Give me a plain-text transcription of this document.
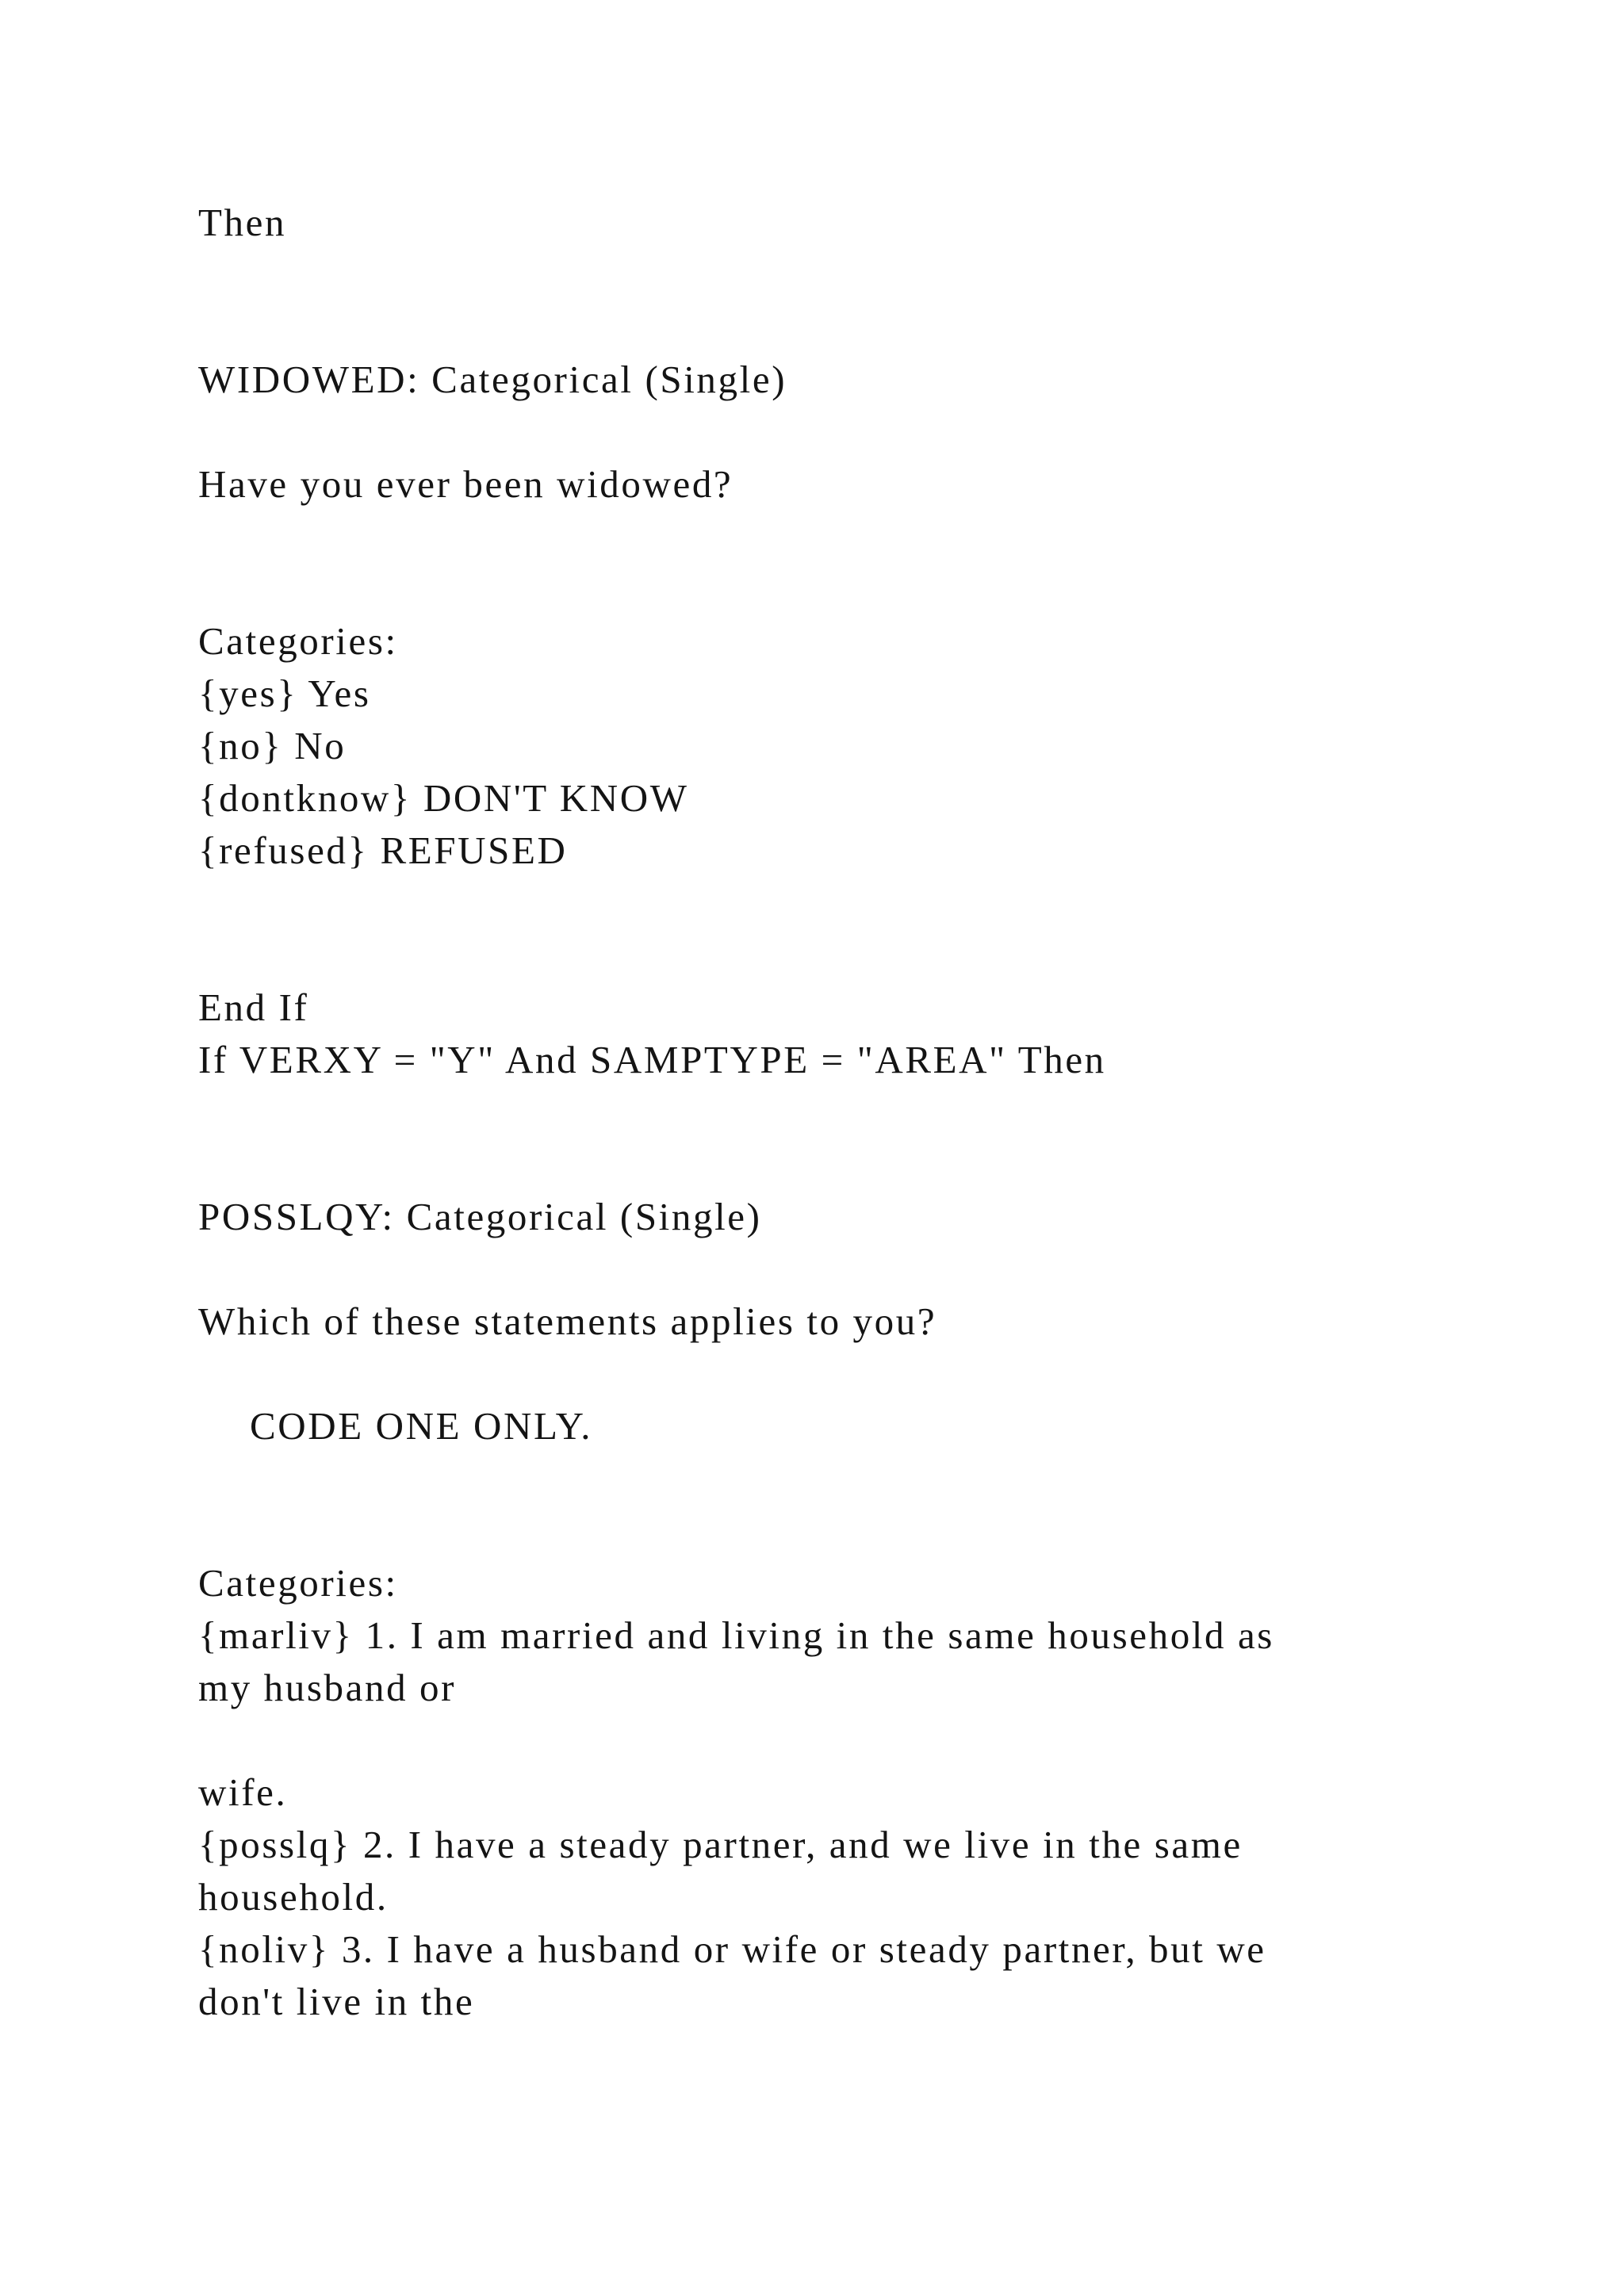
Then

WIDOWED: Categorical (Single)

Have you ever been widowed?

Categories:

{yes} Yes

{no} No

{dontknow} DON'T KNOW

{refused} REFUSED

End If

If VERXY = "Y" And SAMPTYPE = "AREA" Then

POSSLQY: Categorical (Single)

Which of these statements applies to you?

CODE ONE ONLY.

Categories:

{marliv} 1. I am married and living in the same household as

my husband or

wife.

{posslq} 2. I have a steady partner, and we live in the same

household.

{noliv} 3. I have a husband or wife or steady partner, but we

don't live in the
